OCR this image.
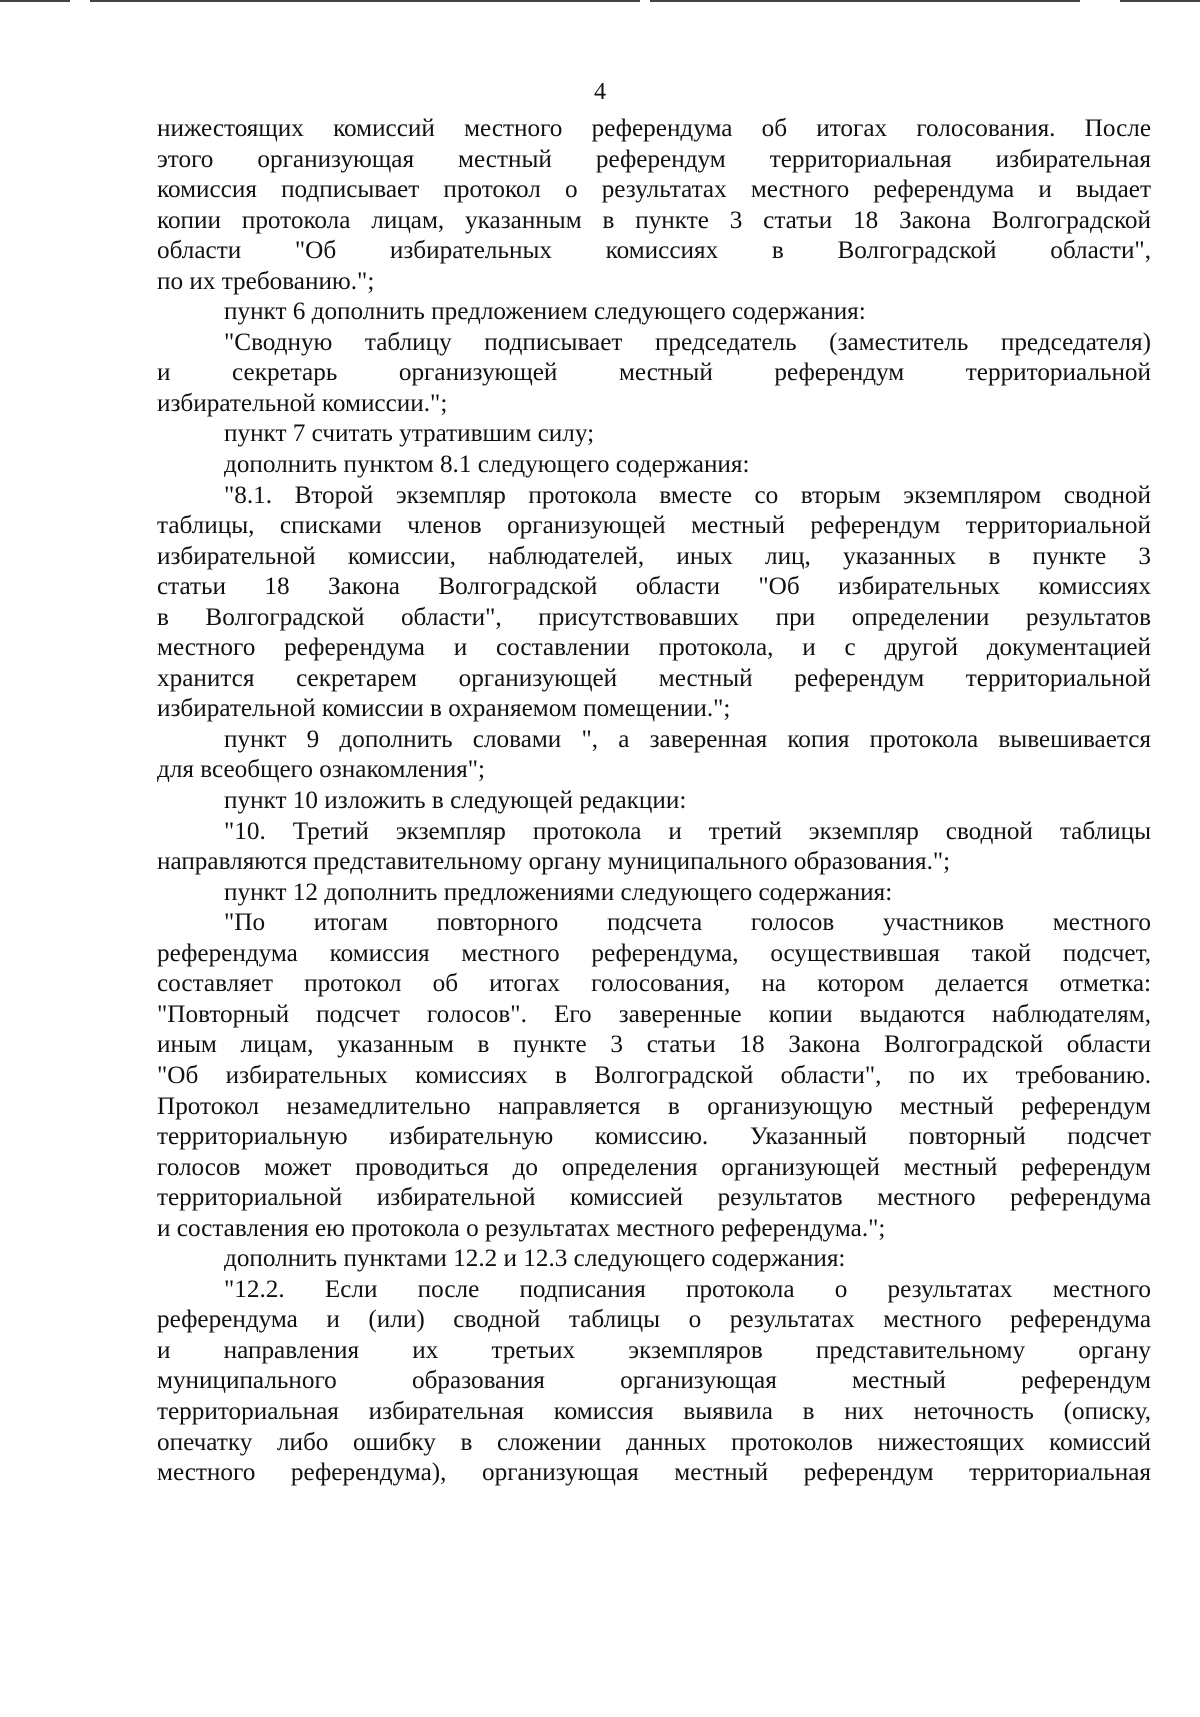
4

нижестоящих комиссий местного референдума об итогах голосования. После

этого организующая местный референдум территориальная избирательная

комиссия подписывает протокол о результатах местного референдума и выдает

копии протокола лицам, указанным в пункте 3 статьи 18 Закона Волгоградской

области "Об избирательных комиссиях в Волгоградской области",

по их требованию.";

пункт 6 дополнить предложением следующего содержания:

"Сводную таблицу подписывает председатель (заместитель председателя)

и секретарь организующей местный референдум территориальной

избирательной комиссии.";

пункт 7 считать утратившим силу;

дополнить пунктом 8.1 следующего содержания:

"8.1. Второй экземпляр протокола вместе со вторым экземпляром сводной

таблицы, списками членов организующей местный референдум территориальной

избирательной комиссии, наблюдателей, иных лиц, указанных в пункте 3

статьи 18 Закона Волгоградской области "Об избирательных комиссиях

в Волгоградской области", присутствовавших при определении результатов

местного референдума и составлении протокола, и с другой документацией

хранится секретарем организующей местный референдум территориальной

избирательной комиссии в охраняемом помещении.";

пункт 9 дополнить словами ", а заверенная копия протокола вывешивается

для всеобщего ознакомления";

пункт 10 изложить в следующей редакции:

"10. Третий экземпляр протокола и третий экземпляр сводной таблицы

направляются представительному органу муниципального образования.";

пункт 12 дополнить предложениями следующего содержания:

"По итогам повторного подсчета голосов участников местного

референдума комиссия местного референдума, осуществившая такой подсчет,

составляет протокол об итогах голосования, на котором делается отметка:

"Повторный подсчет голосов". Его заверенные копии выдаются наблюдателям,

иным лицам, указанным в пункте 3 статьи 18 Закона Волгоградской области

"Об избирательных комиссиях в Волгоградской области", по их требованию.

Протокол незамедлительно направляется в организующую местный референдум

территориальную избирательную комиссию. Указанный повторный подсчет

голосов может проводиться до определения организующей местный референдум

территориальной избирательной комиссией результатов местного референдума

и составления ею протокола о результатах местного референдума.";

дополнить пунктами 12.2 и 12.3 следующего содержания:

"12.2. Если после подписания протокола о результатах местного

референдума и (или) сводной таблицы о результатах местного референдума

и направления их третьих экземпляров представительному органу

муниципального образования организующая местный референдум

территориальная избирательная комиссия выявила в них неточность (описку,

опечатку либо ошибку в сложении данных протоколов нижестоящих комиссий

местного референдума), организующая местный референдум территориальная
